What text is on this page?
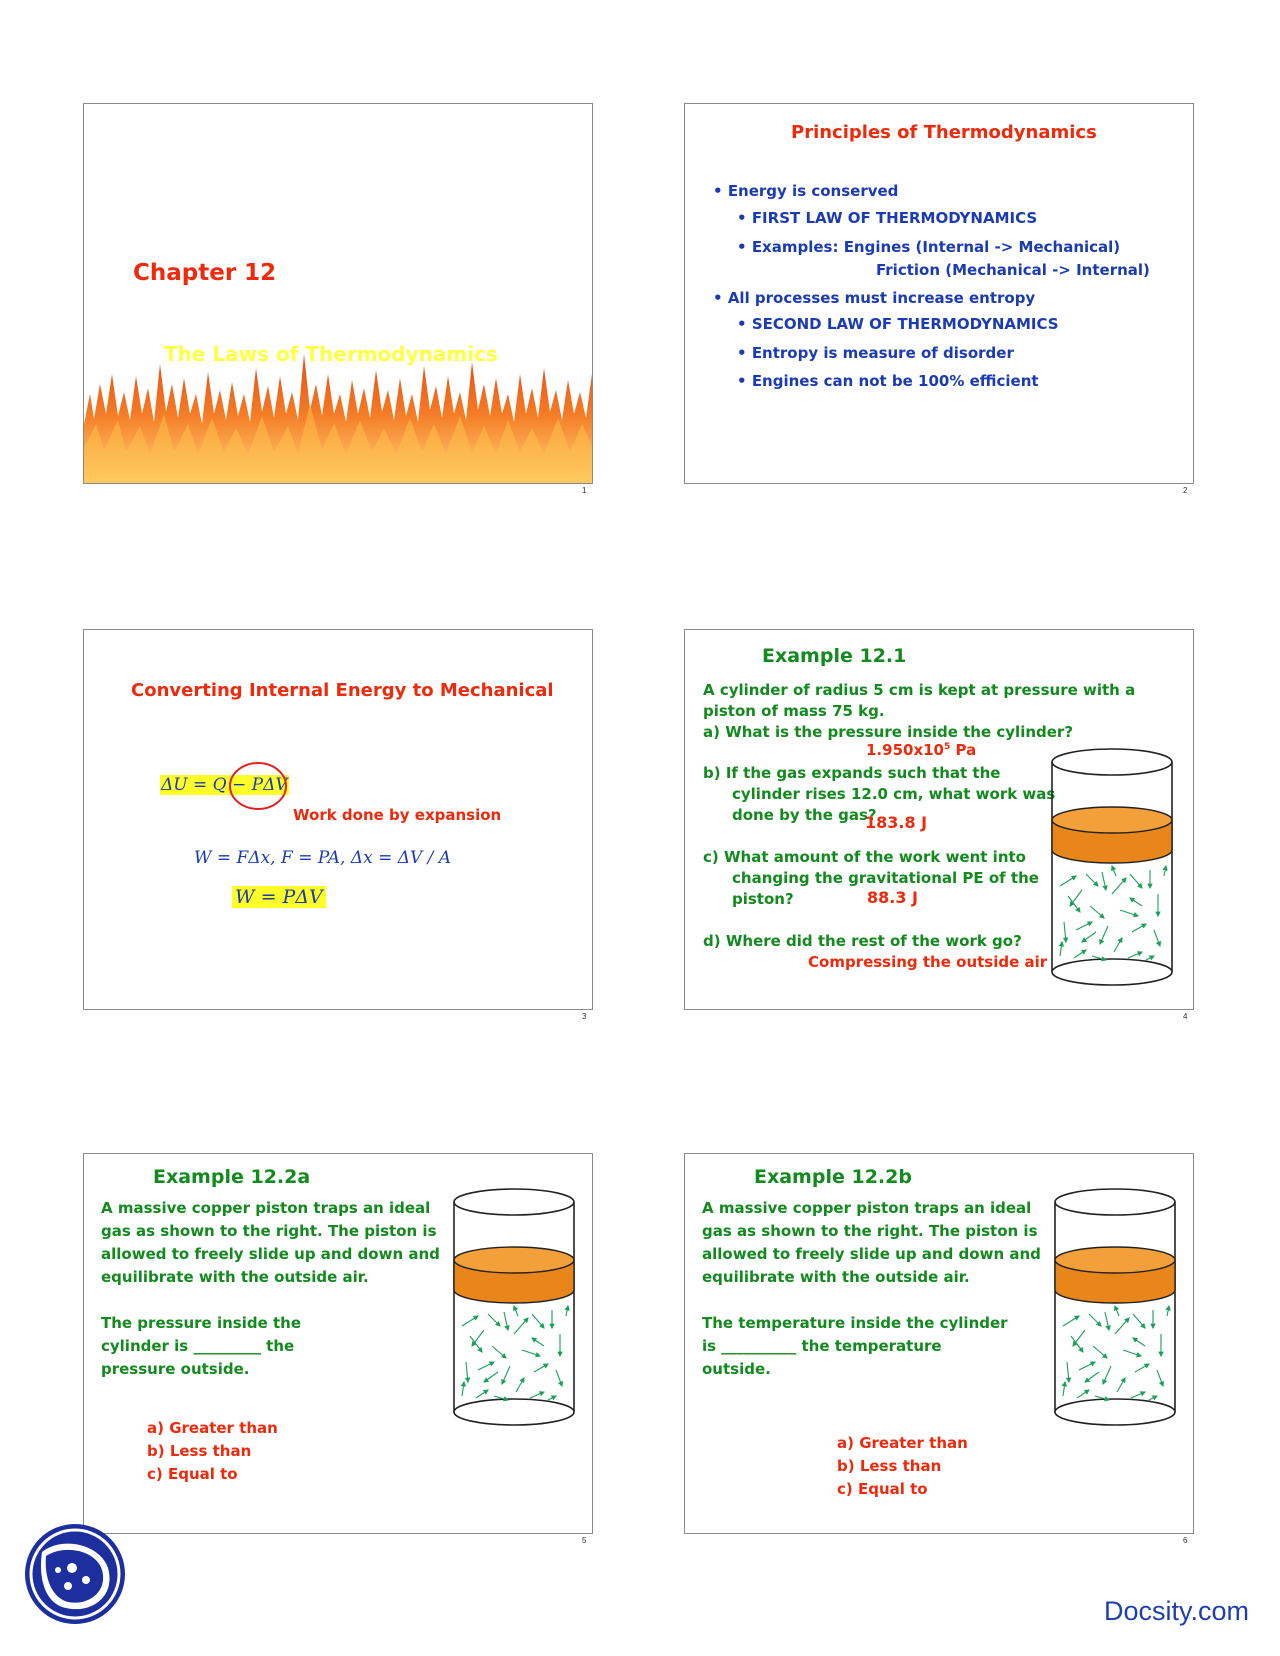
Chapter 12
The Laws of Thermodynamics
1
Principles of Thermodynamics
• Energy is conserved
• FIRST LAW OF THERMODYNAMICS
• Examples: Engines (Internal -> Mechanical)
Friction (Mechanical -> Internal)
• All processes must increase entropy
• SECOND LAW OF THERMODYNAMICS
• Entropy is measure of disorder
• Engines can not be 100% efficient
2
Converting Internal Energy to Mechanical
ΔU = Q − PΔV
Work done by expansion
W = FΔx, F = PA, Δx = ΔV / A
W = PΔV
3
Example 12.1
A cylinder of radius 5 cm is kept at pressure with a
piston of mass 75 kg.
a) What is the pressure inside the cylinder?
$1.950x10^5$ Pa
b) If the gas expands such that the
cylinder rises 12.0 cm, what work was
done by the gas?
183.8 J
c) What amount of the work went into
changing the gravitational PE of the
piston?	88.3 J
d) Where did the rest of the work go?
Compressing the outside air
4
Example 12.2a
A massive copper piston traps an ideal
gas as shown to the right. The piston is
allowed to freely slide up and down and
equilibrate with the outside air.
The pressure inside the
cylinder is _________ the
pressure outside.
a) Greater than
b) Less than
c) Equal to
5
Example 12.2b
A massive copper piston traps an ideal
gas as shown to the right. The piston is
allowed to freely slide up and down and
equilibrate with the outside air.
The temperature inside the cylinder
is __________ the temperature
outside.
a) Greater than
b) Less than
c) Equal to
6
Docsity.com
